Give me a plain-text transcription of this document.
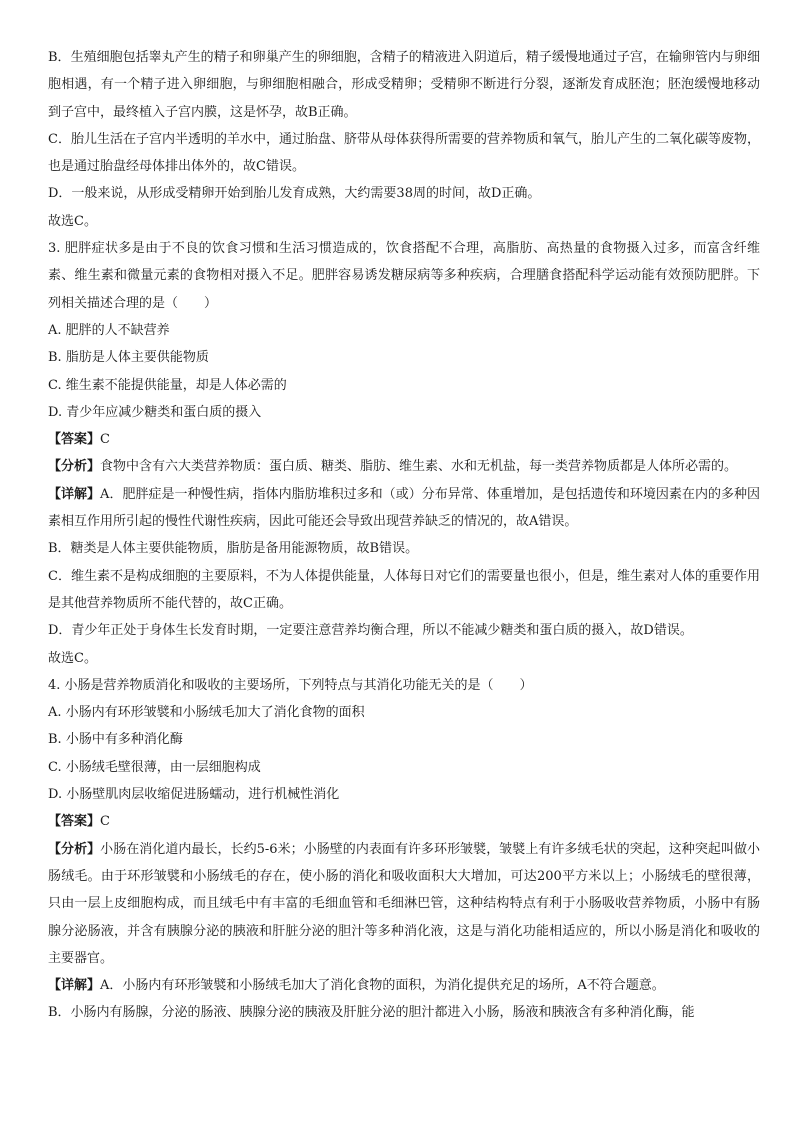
B．生殖细胞包括睾丸产生的精子和卵巢产生的卵细胞，含精子的精液进入阴道后，精子缓慢地通过子宫，在输卵管内与卵细胞相遇，有一个精子进入卵细胞，与卵细胞相融合，形成受精卵；受精卵不断进行分裂，逐渐发育成胚泡；胚泡缓慢地移动到子宫中，最终植入子宫内膜，这是怀孕，故B正确。

C．胎儿生活在子宫内半透明的羊水中，通过胎盘、脐带从母体获得所需要的营养物质和氧气，胎儿产生的二氧化碳等废物，也是通过胎盘经母体排出体外的，故C错误。

D．一般来说，从形成受精卵开始到胎儿发育成熟，大约需要38周的时间，故D正确。

故选C。

3. 肥胖症状多是由于不良的饮食习惯和生活习惯造成的，饮食搭配不合理，高脂肪、高热量的食物摄入过多，而富含纤维素、维生素和微量元素的食物相对摄入不足。肥胖容易诱发糖尿病等多种疾病，合理膳食搭配科学运动能有效预防肥胖。下列相关描述合理的是（　　）

A. 肥胖的人不缺营养

B. 脂肪是人体主要供能物质

C. 维生素不能提供能量，却是人体必需的

D. 青少年应减少糖类和蛋白质的摄入

【答案】C

【分析】食物中含有六大类营养物质：蛋白质、糖类、脂肪、维生素、水和无机盐，每一类营养物质都是人体所必需的。

【详解】A．肥胖症是一种慢性病，指体内脂肪堆积过多和（或）分布异常、体重增加，是包括遗传和环境因素在内的多种因素相互作用所引起的慢性代谢性疾病，因此可能还会导致出现营养缺乏的情况的，故A错误。

B．糖类是人体主要供能物质，脂肪是备用能源物质，故B错误。

C．维生素不是构成细胞的主要原料，不为人体提供能量，人体每日对它们的需要量也很小，但是，维生素对人体的重要作用是其他营养物质所不能代替的，故C正确。

D．青少年正处于身体生长发育时期，一定要注意营养均衡合理，所以不能减少糖类和蛋白质的摄入，故D错误。

故选C。

4. 小肠是营养物质消化和吸收的主要场所，下列特点与其消化功能无关的是（　　）

A. 小肠内有环形皱襞和小肠绒毛加大了消化食物的面积

B. 小肠中有多种消化酶

C. 小肠绒毛壁很薄，由一层细胞构成

D. 小肠壁肌肉层收缩促进肠蠕动，进行机械性消化

【答案】C

【分析】小肠在消化道内最长，长约5-6米；小肠壁的内表面有许多环形皱襞，皱襞上有许多绒毛状的突起，这种突起叫做小肠绒毛。由于环形皱襞和小肠绒毛的存在，使小肠的消化和吸收面积大大增加，可达200平方米以上；小肠绒毛的壁很薄，只由一层上皮细胞构成，而且绒毛中有丰富的毛细血管和毛细淋巴管，这种结构特点有利于小肠吸收营养物质，小肠中有肠腺分泌肠液，并含有胰腺分泌的胰液和肝脏分泌的胆汁等多种消化液，这是与消化功能相适应的，所以小肠是消化和吸收的主要器官。

【详解】A．小肠内有环形皱襞和小肠绒毛加大了消化食物的面积，为消化提供充足的场所，A不符合题意。

B．小肠内有肠腺，分泌的肠液、胰腺分泌的胰液及肝脏分泌的胆汁都进入小肠，肠液和胰液含有多种消化酶，能
